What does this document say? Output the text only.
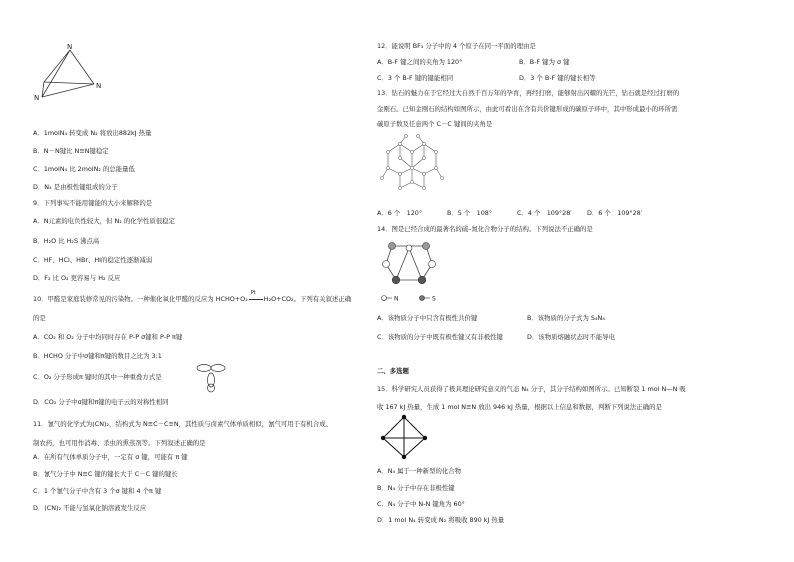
N
N
N
A．1molN₄ 转变成 N₂ 将放出882kJ 热量
B．N－N键比 N≡N键稳定
C．1molN₄ 比 2molN₂ 的总能量低
D．N₄ 是由极性键组成的分子
9．下列事实不能用键能的大小来解释的是
A．N元素的电负性较大，但 N₂ 的化学性质很稳定
B．H₂O 比 H₂S 沸点高
C．HF、HCl、HBr、HI的稳定性逐渐减弱
D．F₂ 比 O₂ 更容易与 H₂ 反应
10．甲醛是家庭装修常见的污染物。一种催化氧化甲醛的反应为 HCHO+O₂
Pt
H₂O+CO₂。下列有关叙述正确
的是
A．CO₂ 和 O₂ 分子中均同时存在 P‑P σ键和 P‑P π键
B．HCHO 分子中σ键和π键的数目之比为 3:1
C．O₂ 分子形成π 键时的其中一种重叠方式是
D．CO₂ 分子中σ键和π键的电子云的对称性相同
11．氰气的化学式为(CN)₂，结构式为 N≡C－C≡N，其性质与卤素气体单质相似，氰气可用于有机合成、
制农药，也可用作消毒、杀虫的熏蒸剂等。下列叙述正确的是
A．在所有气体单质分子中，一定有 σ 键，可能有 π 键
B．氰气分子中 N≡C 键的键长大于 C－C 键的键长
C．1 个氰气分子中含有 3 个σ 键和 4 个π 键
D．(CN)₂ 不能与氢氧化钠溶液发生反应
12．能说明 BF₃ 分子中的 4 个原子在同一平面的理由是
A．B-F 键之间的夹角为 120°	B．B-F 键为 σ 键
C．3 个 B-F 键的键能相同	D．3 个 B-F 键的键长相等
13．钻石的魅力在于它经过大自然千百万年的孕育，再经打磨，能够射出闪耀的光芒，钻石就是经过打磨的
金刚石。已知金刚石的结构如图所示，由此可看出在含有共价键形成的碳原子环中，其中形成最小的环所需
碳原子数及任意两个 C－C 键间的夹角是
A．6 个　120°	B．5 个　108°	C．4 个　109°28′ D．6 个　109°28′
14．图是已经合成的最著名的硫–氮化合物分子的结构。下列说法不正确的是
N	S
A．该物质分子中只含有极性共价键	B．该物质的分子式为 S₄N₄
C．该物质的分子中既有极性键又有非极性键	D．该物质熔融状态时不能导电
二、多选题
15．科学研究人员获得了极具理论研究意义的气态 N₄ 分子，其分子结构如图所示。已知断裂 1 mol N—N 吸
收 167 kJ 热量，生成 1 mol N≡N 放出 946 kJ 热量，根据以上信息和数据，判断下列说法正确的是
A．N₄ 属于一种新型的化合物
B．N₄ 分子中存在非极性键
C．N₄ 分子中 N-N 键角为 60°
D．1 mol N₄ 转变成 N₂ 将吸收 890 kJ 热量
